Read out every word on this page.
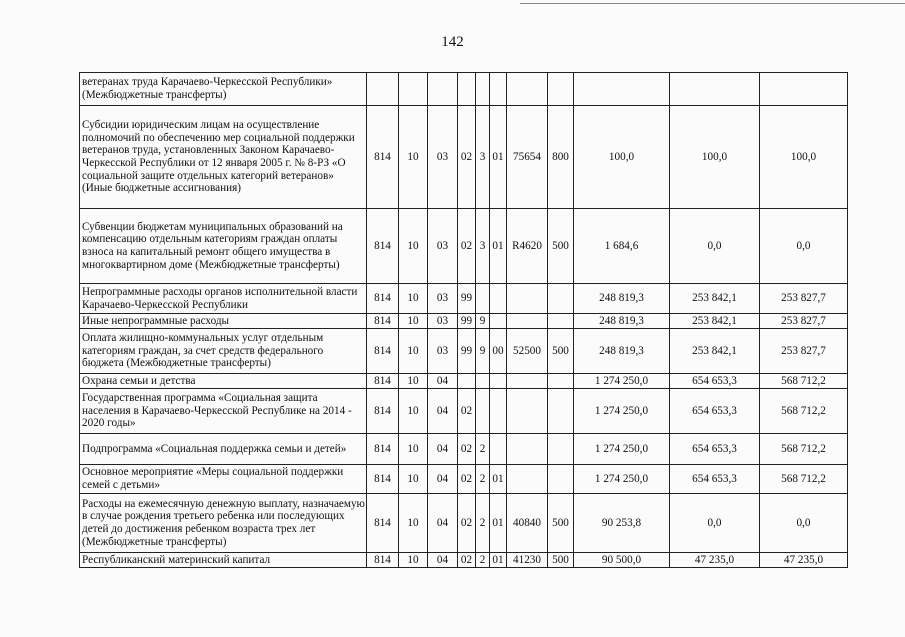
142
ветеранах труда Карачаево-Черкесской Республики» (Межбюджетные трансферты)											
Субсидии юридическим лицам на осуществление полномочий по обеспечению мер социальной поддержки ветеранов труда, установленных Законом Карачаево-Черкесской Республики от 12 января 2005 г. № 8-РЗ «О социальной защите отдельных категорий ветеранов» (Иные бюджетные ассигнования)	814	10	03	02	3	01	75654	800	100,0	100,0	100,0
Субвенции бюджетам муниципальных образований на компенсацию отдельным категориям граждан оплаты взноса на капитальный ремонт общего имущества в многоквартирном доме (Межбюджетные трансферты)	814	10	03	02	3	01	R4620	500	1 684,6	0,0	0,0
Непрограммные расходы органов исполнительной власти Карачаево-Черкесской Республики	814	10	03	99					248 819,3	253 842,1	253 827,7
Иные непрограммные расходы	814	10	03	99	9				248 819,3	253 842,1	253 827,7
Оплата жилищно-коммунальных услуг отдельным категориям граждан, за счет средств федерального бюджета (Межбюджетные трансферты)	814	10	03	99	9	00	52500	500	248 819,3	253 842,1	253 827,7
Охрана семьи и детства	814	10	04						1 274 250,0	654 653,3	568 712,2
Государственная программа «Социальная защита населения в Карачаево-Черкесской Республике на 2014 - 2020 годы»	814	10	04	02					1 274 250,0	654 653,3	568 712,2
Подпрограмма «Социальная поддержка семьи и детей»	814	10	04	02	2				1 274 250,0	654 653,3	568 712,2
Основное мероприятие «Меры социальной поддержки семей с детьми»	814	10	04	02	2	01			1 274 250,0	654 653,3	568 712,2
Расходы на ежемесячную денежную выплату, назначаемую в случае рождения третьего ребенка или последующих детей до достижения ребенком возраста трех лет (Межбюджетные трансферты)	814	10	04	02	2	01	40840	500	90 253,8	0,0	0,0
Республиканский материнский капитал	814	10	04	02	2	01	41230	500	90 500,0	47 235,0	47 235,0
